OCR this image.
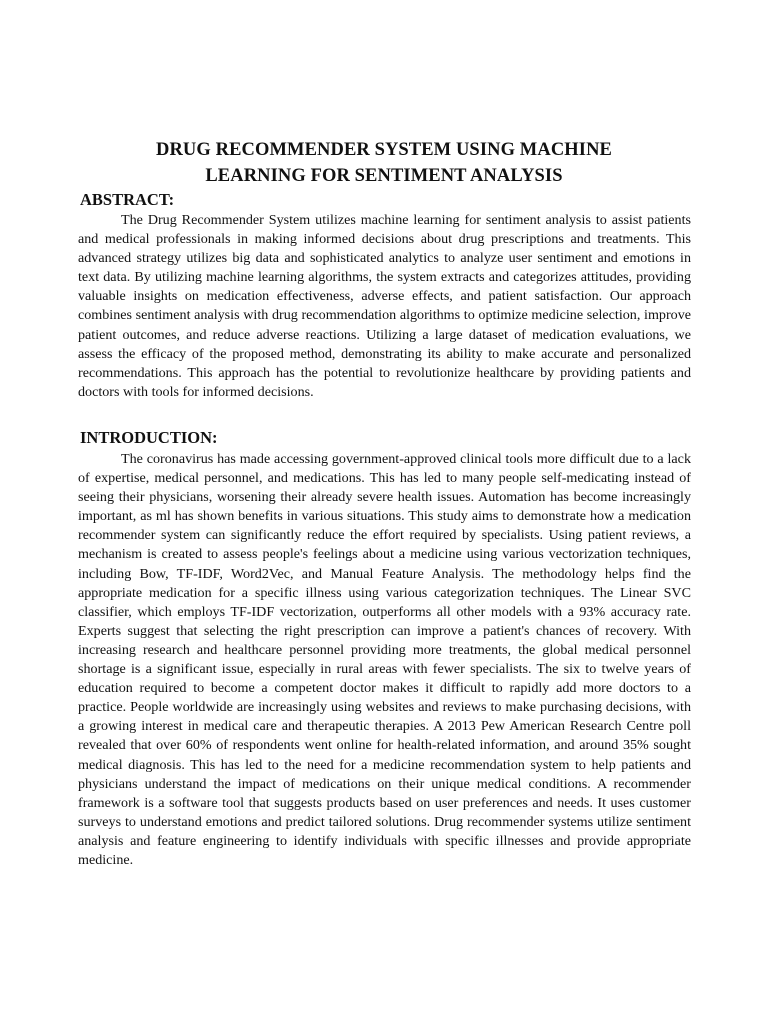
DRUG RECOMMENDER SYSTEM USING MACHINE
LEARNING FOR SENTIMENT ANALYSIS
ABSTRACT:

The Drug Recommender System utilizes machine learning for sentiment analysis to assist patients and medical professionals in making informed decisions about drug prescriptions and treatments. This advanced strategy utilizes big data and sophisticated analytics to analyze user sentiment and emotions in text data. By utilizing machine learning algorithms, the system extracts and categorizes attitudes, providing valuable insights on medication effectiveness, adverse effects, and patient satisfaction. Our approach combines sentiment analysis with drug recommendation algorithms to optimize medicine selection, improve patient outcomes, and reduce adverse reactions. Utilizing a large dataset of medication evaluations, we assess the efficacy of the proposed method, demonstrating its ability to make accurate and personalized recommendations. This approach has the potential to revolutionize healthcare by providing patients and doctors with tools for informed decisions.

INTRODUCTION:

The coronavirus has made accessing government-approved clinical tools more difficult due to a lack of expertise, medical personnel, and medications. This has led to many people self-medicating instead of seeing their physicians, worsening their already severe health issues. Automation has become increasingly important, as ml has shown benefits in various situations. This study aims to demonstrate how a medication recommender system can significantly reduce the effort required by specialists. Using patient reviews, a mechanism is created to assess people's feelings about a medicine using various vectorization techniques, including Bow, TF-IDF, Word2Vec, and Manual Feature Analysis. The methodology helps find the appropriate medication for a specific illness using various categorization techniques. The Linear SVC classifier, which employs TF-IDF vectorization, outperforms all other models with a 93% accuracy rate. Experts suggest that selecting the right prescription can improve a patient's chances of recovery. With increasing research and healthcare personnel providing more treatments, the global medical personnel shortage is a significant issue, especially in rural areas with fewer specialists. The six to twelve years of education required to become a competent doctor makes it difficult to rapidly add more doctors to a practice. People worldwide are increasingly using websites and reviews to make purchasing decisions, with a growing interest in medical care and therapeutic therapies. A 2013 Pew American Research Centre poll revealed that over 60% of respondents went online for health-related information, and around 35% sought medical diagnosis. This has led to the need for a medicine recommendation system to help patients and physicians understand the impact of medications on their unique medical conditions. A recommender framework is a software tool that suggests products based on user preferences and needs. It uses customer surveys to understand emotions and predict tailored solutions. Drug recommender systems utilize sentiment analysis and feature engineering to identify individuals with specific illnesses and provide appropriate medicine.
